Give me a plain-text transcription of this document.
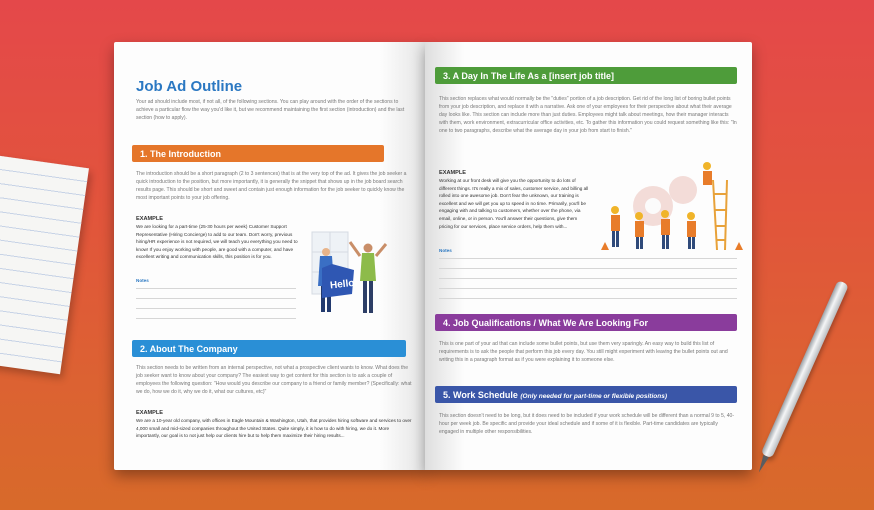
Job Ad Outline

Your ad should include most, if not all, of the following sections. You can play around with the order of the sections to achieve a particular flow the way you'd like it, but we recommend maintaining the first section (introduction) and the last section (how to apply).

1. The Introduction

The introduction should be a short paragraph (2 to 3 sentences) that is at the very top of the ad. It gives the job seeker a quick introduction to the position, but more importantly, it is generally the snippet that shows up in the job board search results page. This should be short and sweet and contain just enough information for the job seeker to quickly know the most important points to your job offering.

EXAMPLE

We are looking for a part-time (25-30 hours per week) Customer Support Representative (Hiring Concierge) to add to our team. Don't worry, previous hiring/HR experience is not required, we will teach you everything you need to know! If you enjoy working with people, are good with a computer, and have excellent writing and communication skills, this position is for you.

Notes	Hello!
2. About The Company

This section needs to be written from an internal perspective, not what a prospective client wants to know. What does the job seeker want to know about your company? The easiest way to get content for this section is to ask a couple of employees the following question: "How would you describe our company to a friend or family member? (Specifically: what we do, how we do it, why we do it, what our cultures, etc)"

EXAMPLE

We are a 10-year old company, with offices in Eagle Mountain & Washington, Utah, that provides hiring software and services to over 4,000 small and mid-sized companies throughout the United States. Quite simply, it is how to do with hiring, we do it. More importantly, our goal is to not just help our clients hire but to help them maximize their hiring results...

3. A Day In The Life As a [insert job title]

This section replaces what would normally be the "duties" portion of a job description. Get rid of the long list of boring bullet points from your job description, and replace it with a narrative. Ask one of your employees for their perspective about what their average day looks like. This section can include more than just duties. Employees might talk about meetings, how their manager interacts with them, work environment, extracurricular office activities, etc. To gather this information you could request something like this: "In one to two paragraphs, describe what the average day in your job from start to finish."

EXAMPLE

Working at our front desk will give you the opportunity to do lots of different things. It's really a mix of sales, customer service, and billing all rolled into one awesome job. Don't fear the unknown, our training is excellent and we will get you up to speed in no time. Primarily, you'll be engaging with and talking to customers, whether over the phone, via email, online, or in person. You'll answer their questions, give them pricing for our services, place service orders, help them with...

Notes
4. Job Qualifications / What We Are Looking For

This is one part of your ad that can include some bullet points, but use them very sparingly. An easy way to build this list of requirements is to ask the people that perform this job every day. You still might experiment with leaving the bullet points out and writing this in a paragraph format as if you were explaining it to someone else.

5. Work Schedule (Only needed for part-time or flexible positions)

This section doesn't need to be long, but it does need to be included if your work schedule will be different than a normal 9 to 5, 40-hour per week job. Be specific and provide your ideal schedule and if some of it is flexible. Part-time candidates are typically engaged in multiple other responsibilities.
